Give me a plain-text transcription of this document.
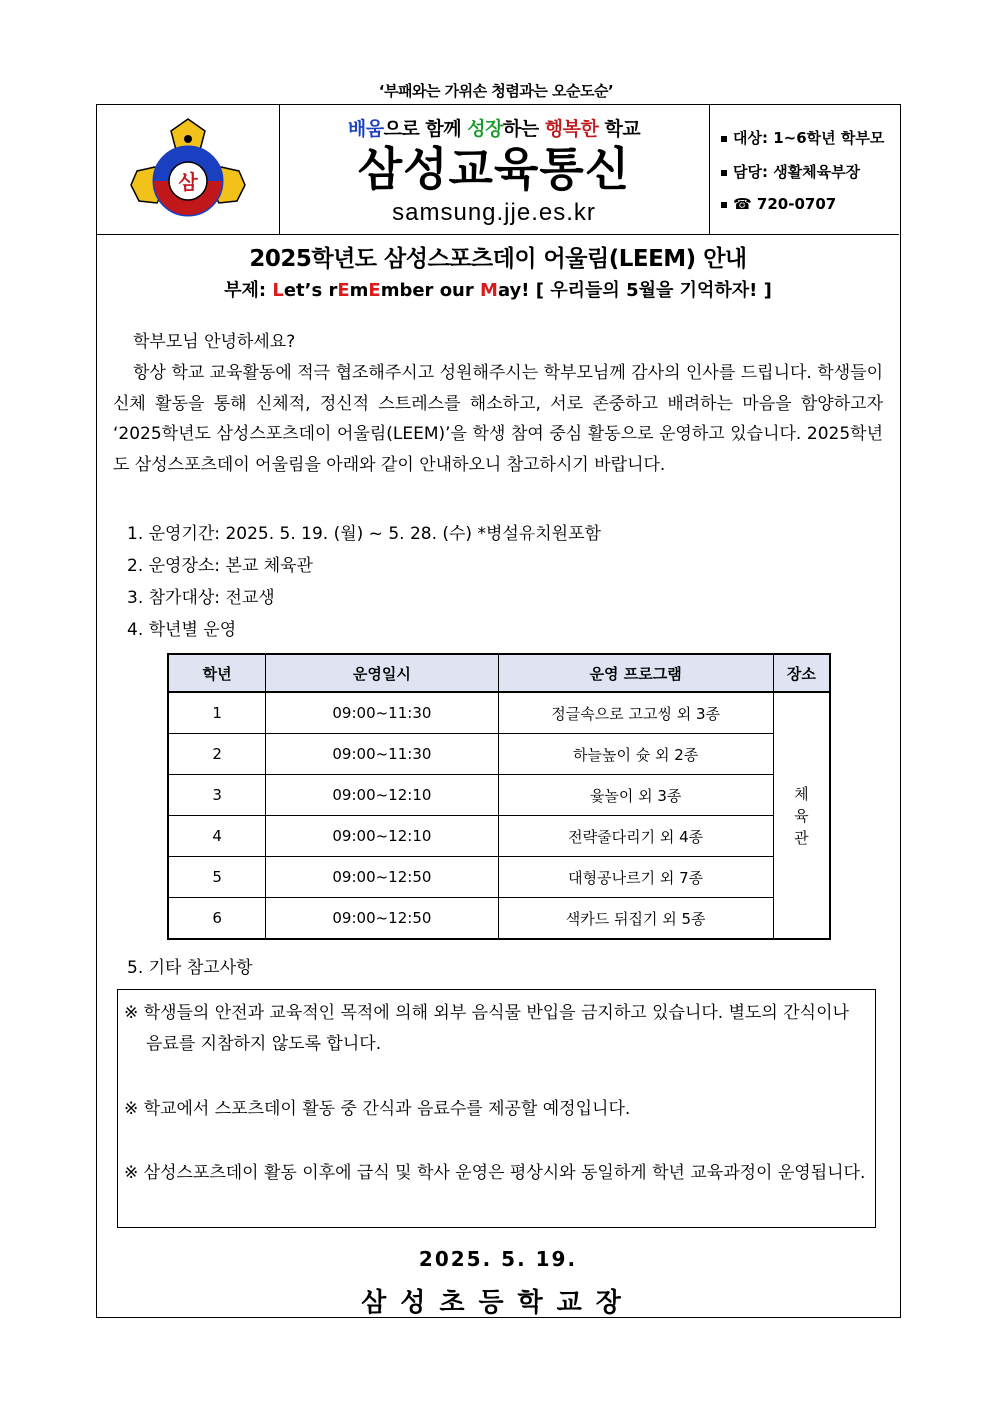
‘부패와는 가위손 청렴과는 오순도순’
삼
배움으로 함께 성장하는 행복한 학교
삼성교육통신
samsung.jje.es.kr
대상: 1~6학년 학부모
담당: 생활체육부장
☎ 720-0707
2025학년도 삼성스포츠데이 어울림(LEEM) 안내
부제: Let’s rEmEmber our May! [ 우리들의 5월을 기억하자! ]
학부모님 안녕하세요?
항상 학교 교육활동에 적극 협조해주시고 성원해주시는 학부모님께 감사의 인사를 드립니다. 학생들이 신체 활동을 통해 신체적, 정신적 스트레스를 해소하고, 서로 존중하고 배려하는 마음을 함양하고자 ‘2025학년도 삼성스포츠데이 어울림(LEEM)’을 학생 참여 중심 활동으로 운영하고 있습니다. 2025학년도 삼성스포츠데이 어울림을 아래와 같이 안내하오니 참고하시기 바랍니다.
1. 운영기간: 2025. 5. 19. (월) ~ 5. 28. (수) *병설유치원포함
2. 운영장소: 본교 체육관
3. 참가대상: 전교생
4. 학년별 운영
학년	운영일시	운영 프로그램	장소
1	09:00~11:30	정글속으로 고고씽 외 3종	체
육
관
2	09:00~11:30	하늘높이 슛 외 2종	
3	09:00~12:10	윷놀이 외 3종	
4	09:00~12:10	전략줄다리기 외 4종	
5	09:00~12:50	대형공나르기 외 7종	
6	09:00~12:50	색카드 뒤집기 외 5종	
5. 기타 참고사항
※ 학생들의 안전과 교육적인 목적에 의해 외부 음식물 반입을 금지하고 있습니다. 별도의 간식이나 음료를 지참하지 않도록 합니다.
※ 학교에서 스포츠데이 활동 중 간식과 음료수를 제공할 예정입니다.
※ 삼성스포츠데이 활동 이후에 급식 및 학사 운영은 평상시와 동일하게 학년 교육과정이 운영됩니다.
2025. 5. 19.
삼성초등학교장
